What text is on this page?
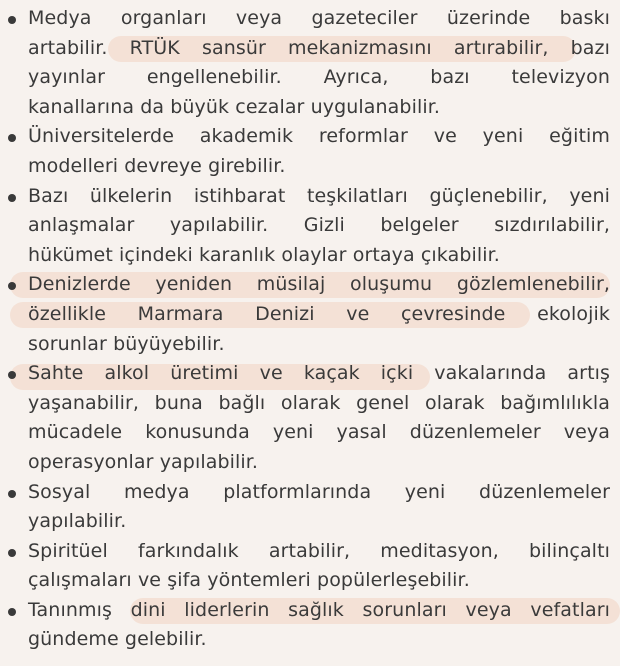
Medya organları veya gazeteciler üzerinde baskı
artabilir. RTÜK sansür mekanizmasını artırabilir, bazı
yayınlar engellenebilir. Ayrıca, bazı televizyon
kanallarına da büyük cezalar uygulanabilir.
Üniversitelerde akademik reformlar ve yeni eğitim
modelleri devreye girebilir.
Bazı ülkelerin istihbarat teşkilatları güçlenebilir, yeni
anlaşmalar yapılabilir. Gizli belgeler sızdırılabilir,
hükümet içindeki karanlık olaylar ortaya çıkabilir.
Denizlerde yeniden müsilaj oluşumu gözlemlenebilir,
özellikle Marmara Denizi ve çevresinde ekolojik
sorunlar büyüyebilir.
Sahte alkol üretimi ve kaçak içki vakalarında artış
yaşanabilir, buna bağlı olarak genel olarak bağımlılıkla
mücadele konusunda yeni yasal düzenlemeler veya
operasyonlar yapılabilir.
Sosyal medya platformlarında yeni düzenlemeler
yapılabilir.
Spiritüel farkındalık artabilir, meditasyon, bilinçaltı
çalışmaları ve şifa yöntemleri popülerleşebilir.
Tanınmış dini liderlerin sağlık sorunları veya vefatları
gündeme gelebilir.
